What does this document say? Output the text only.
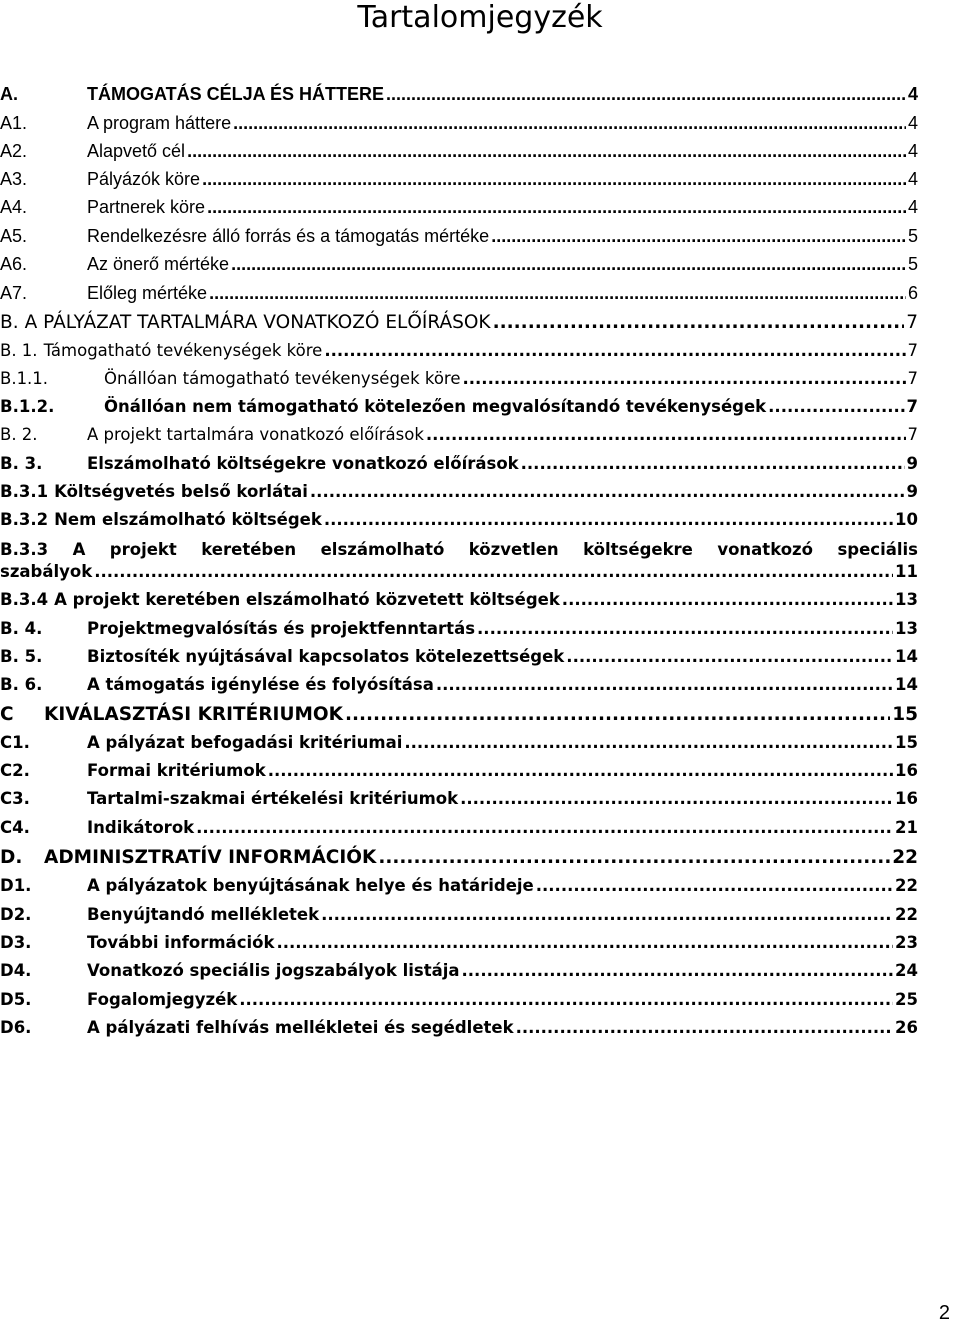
Tartalomjegyzék
A.	TÁMOGATÁS CÉLJA ÉS HÁTTERE .....	4
A1.	A program háttere .....	4
A2.	Alapvető cél .....	4
A3.	Pályázók köre .....	4
A4.	Partnerek köre .....	4
A5.	Rendelkezésre álló forrás és a támogatás mértéke .....	5
A6.	Az önerő mértéke .....	5
A7.	Előleg mértéke .....	6
B. A PÁLYÁZAT TARTALMÁRA VONATKOZÓ ELŐÍRÁSOK .....	7
B. 1. Támogatható tevékenységek köre .....	7
B.1.1.	Önállóan támogatható tevékenységek köre .....	7
B.1.2.	Önállóan nem támogatható kötelezően megvalósítandó tevékenységek .....	7
B. 2.	A projekt tartalmára vonatkozó előírások .....	7
B. 3.	Elszámolható költségekre vonatkozó előírások .....	9
B.3.1 Költségvetés belső korlátai .....	9
B.3.2 Nem elszámolható költségek .....	10
B.3.3 A projekt keretében elszámolható közvetlen költségekre vonatkozó speciális
szabályok .....	11
B.3.4 A projekt keretében elszámolható közvetett költségek .....	13
B. 4.	Projektmegvalósítás és projektfenntartás .....	13
B. 5.	Biztosíték nyújtásával kapcsolatos kötelezettségek .....	14
B. 6.	A támogatás igénylése és folyósítása .....	14
C	KIVÁLASZTÁSI KRITÉRIUMOK .....	15
C1.	A pályázat befogadási kritériumai .....	15
C2.	Formai kritériumok .....	16
C3.	Tartalmi-szakmai értékelési kritériumok .....	16
C4.	Indikátorok .....	21
D.	ADMINISZTRATÍV INFORMÁCIÓK .....	22
D1.	A pályázatok benyújtásának helye és határideje .....	22
D2.	Benyújtandó mellékletek .....	22
D3.	További információk .....	23
D4.	Vonatkozó speciális jogszabályok listája .....	24
D5.	Fogalomjegyzék .....	25
D6.	A pályázati felhívás mellékletei és segédletek .....	26
2
